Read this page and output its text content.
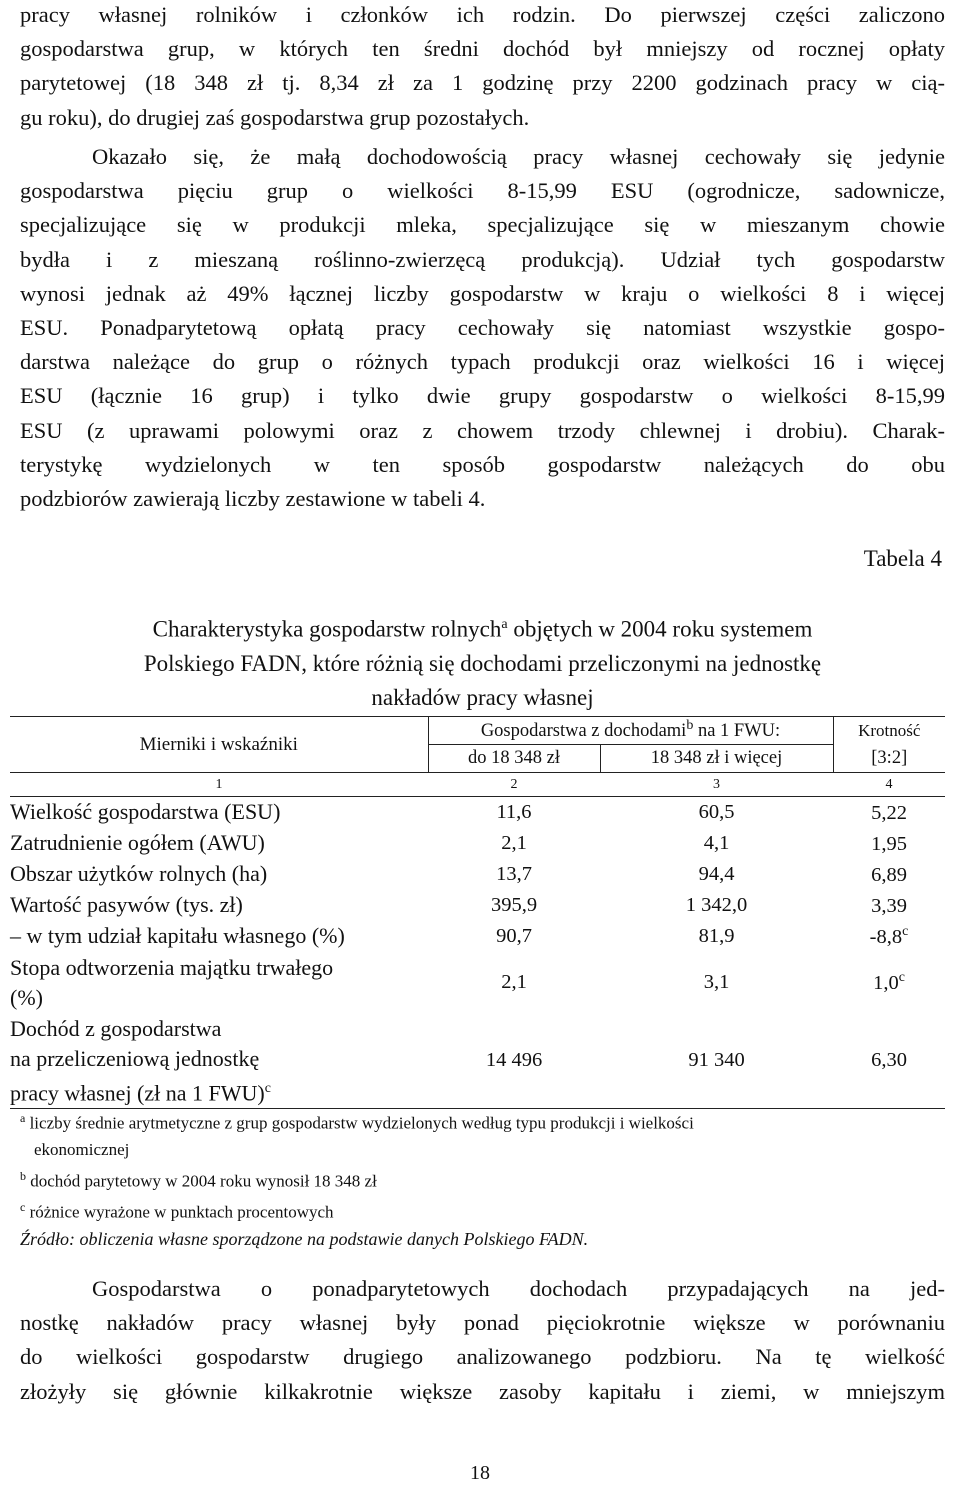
pracy własnej rolników i członków ich rodzin. Do pierwszej części zaliczono
gospodarstwa grup, w których ten średni dochód był mniejszy od rocznej opłaty
parytetowej (18 348 zł tj. 8,34 zł za 1 godzinę przy 2200 godzinach pracy w cią-
gu roku), do drugiej zaś gospodarstwa grup pozostałych.
Okazało się, że małą dochodowością pracy własnej cechowały się jedynie
gospodarstwa pięciu grup o wielkości 8-15,99 ESU (ogrodnicze, sadownicze,
specjalizujące się w produkcji mleka, specjalizujące się w mieszanym chowie
bydła i z mieszaną roślinno-zwierzęcą produkcją). Udział tych gospodarstw
wynosi jednak aż 49% łącznej liczby gospodarstw w kraju o wielkości 8 i więcej
ESU. Ponadparytetową opłatą pracy cechowały się natomiast wszystkie gospo-
darstwa należące do grup o różnych typach produkcji oraz wielkości 16 i więcej
ESU (łącznie 16 grup) i tylko dwie grupy gospodarstw o wielkości 8-15,99
ESU (z uprawami polowymi oraz z chowem trzody chlewnej i drobiu). Charak-
terystykę wydzielonych w ten sposób gospodarstw należących do obu
podzbiorów zawierają liczby zestawione w tabeli 4.
Tabela 4
Charakterystyka gospodarstw rolnych$^a$ objętych w 2004 roku systemem
Polskiego FADN, które różnią się dochodami przeliczonymi na jednostkę
nakładów pracy własnej
Mierniki i wskaźniki	Gospodarstwa z dochodami$^b$ na 1 FWU:		Krotność
	do 18 348 zł	18 348 zł i więcej	[3:2]
1	2	3	4
Wielkość gospodarstwa (ESU)	11,6	60,5	5,22
Zatrudnienie ogółem (AWU)	2,1	4,1	1,95
Obszar użytków rolnych (ha)	13,7	94,4	6,89
Wartość pasywów (tys. zł)	395,9	1 342,0	3,39
– w tym udział kapitału własnego (%)	90,7	81,9	-8,8$^c$

Stopa odtworzenia majątku trwałego
(%)	2,1	3,1	1,0$^c$

Dochód z gospodarstwa
na przeliczeniową jednostkę
pracy własnej (zł na 1 FWU)$^c$	14 496	91 340	6,30
$^a$ liczby średnie arytmetyczne z grup gospodarstw wydzielonych według typu produkcji i wielkości
ekonomicznej
$^b$ dochód parytetowy w 2004 roku wynosił 18 348 zł
$^c$ różnice wyrażone w punktach procentowych
Źródło: obliczenia własne sporządzone na podstawie danych Polskiego FADN.
Gospodarstwa o ponadparytetowych dochodach przypadających na jed-
nostkę nakładów pracy własnej były ponad pięciokrotnie większe w porównaniu
do wielkości gospodarstw drugiego analizowanego podzbioru. Na tę wielkość
złożyły się głównie kilkakrotnie większe zasoby kapitału i ziemi, w mniejszym
18
